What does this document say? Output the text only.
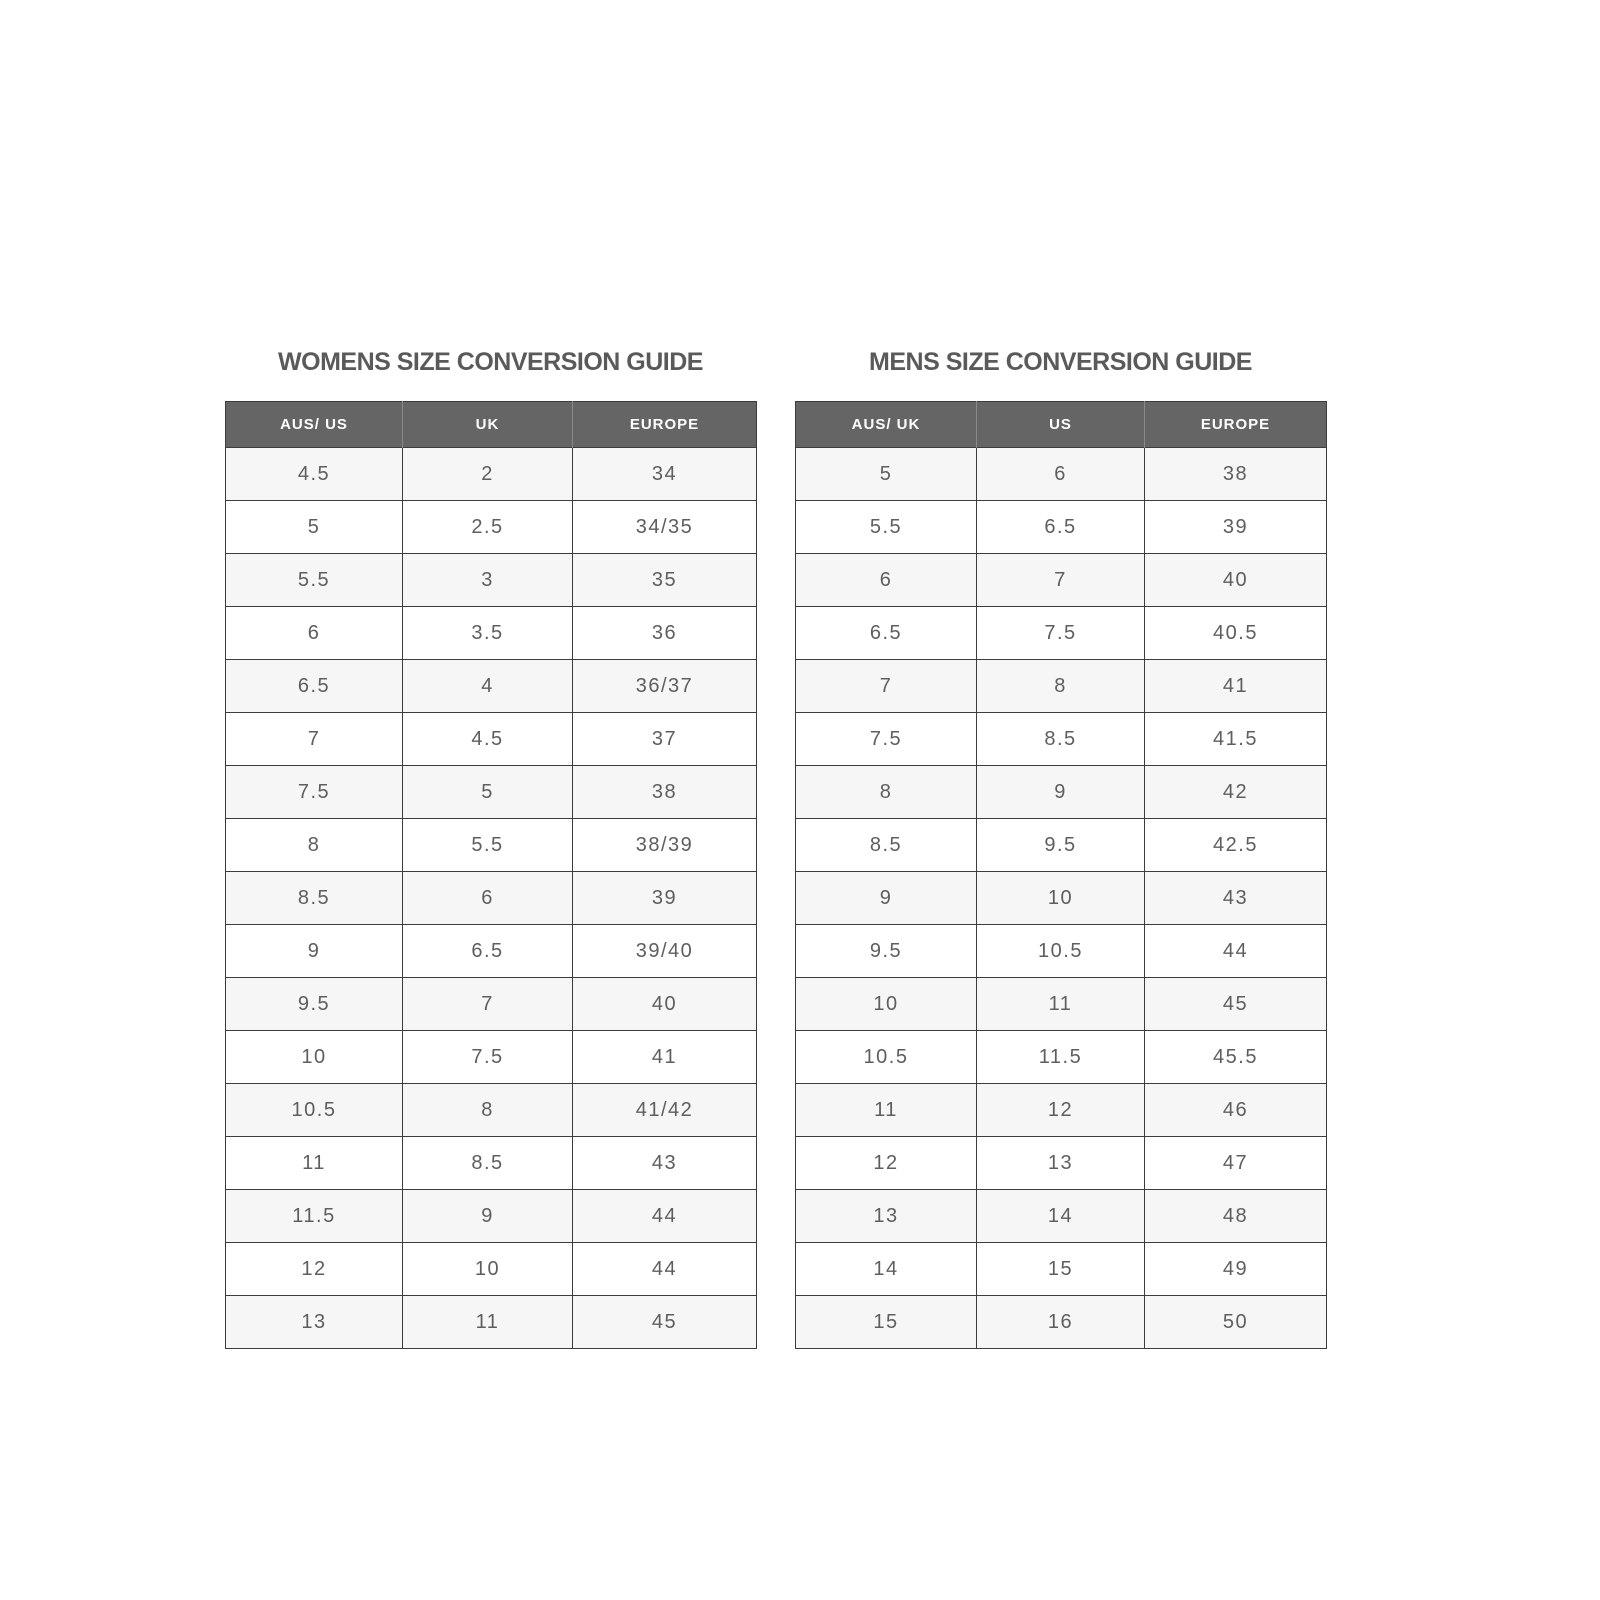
WOMENS SIZE CONVERSION GUIDE
AUS/ US	UK	EUROPE
4.5	2	34
5	2.5	34/35
5.5	3	35
6	3.5	36
6.5	4	36/37
7	4.5	37
7.5	5	38
8	5.5	38/39
8.5	6	39
9	6.5	39/40
9.5	7	40
10	7.5	41
10.5	8	41/42
11	8.5	43
11.5	9	44
12	10	44
13	11	45
MENS SIZE CONVERSION GUIDE
AUS/ UK	US	EUROPE
5	6	38
5.5	6.5	39
6	7	40
6.5	7.5	40.5
7	8	41
7.5	8.5	41.5
8	9	42
8.5	9.5	42.5
9	10	43
9.5	10.5	44
10	11	45
10.5	11.5	45.5
11	12	46
12	13	47
13	14	48
14	15	49
15	16	50
